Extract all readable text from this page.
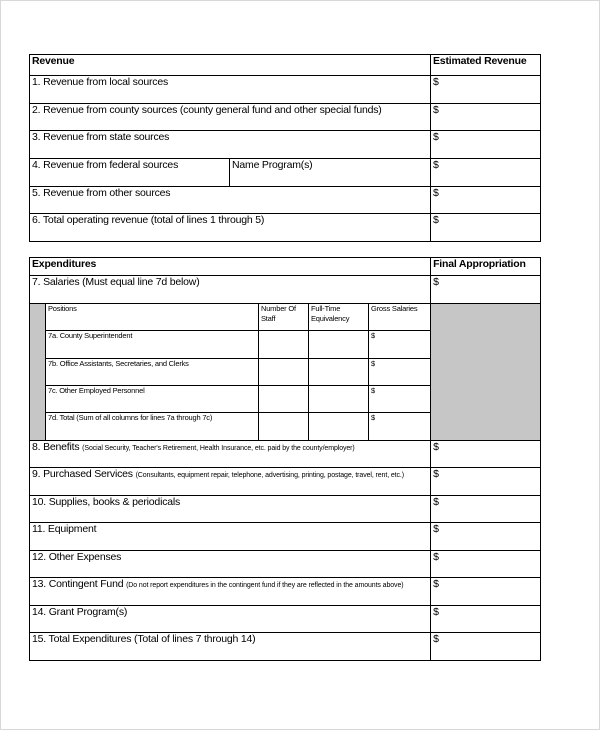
Revenue		Estimated Revenue
1. Revenue from local sources		$
2. Revenue from county sources (county general fund and other special funds)		$
3. Revenue from state sources		$
4. Revenue from federal sources	Name Program(s)	$
5. Revenue from other sources		$
6. Total operating revenue (total of lines 1 through 5)		$
Expenditures					Final Appropriation
7. Salaries (Must equal line 7d below)					$
	Positions	Number Of Staff	Full-Time Equivalency	Gross Salaries	
	7a. County Superintendent			$	
	7b. Office Assistants, Secretaries, and Clerks			$	
	7c. Other Employed Personnel			$	
	7d. Total (Sum of all columns for lines 7a through 7c)			$	
8. Benefits (Social Security, Teacher's Retirement, Health Insurance, etc. paid by the county/employer)					$
9. Purchased Services (Consultants, equipment repair, telephone, advertising, printing, postage, travel, rent, etc.)					$
10. Supplies, books & periodicals					$
11. Equipment					$
12. Other Expenses					$
13. Contingent Fund (Do not report expenditures in the contingent fund if they are reflected in the amounts above)					$
14. Grant Program(s)					$
15. Total Expenditures (Total of lines 7 through 14)					$
